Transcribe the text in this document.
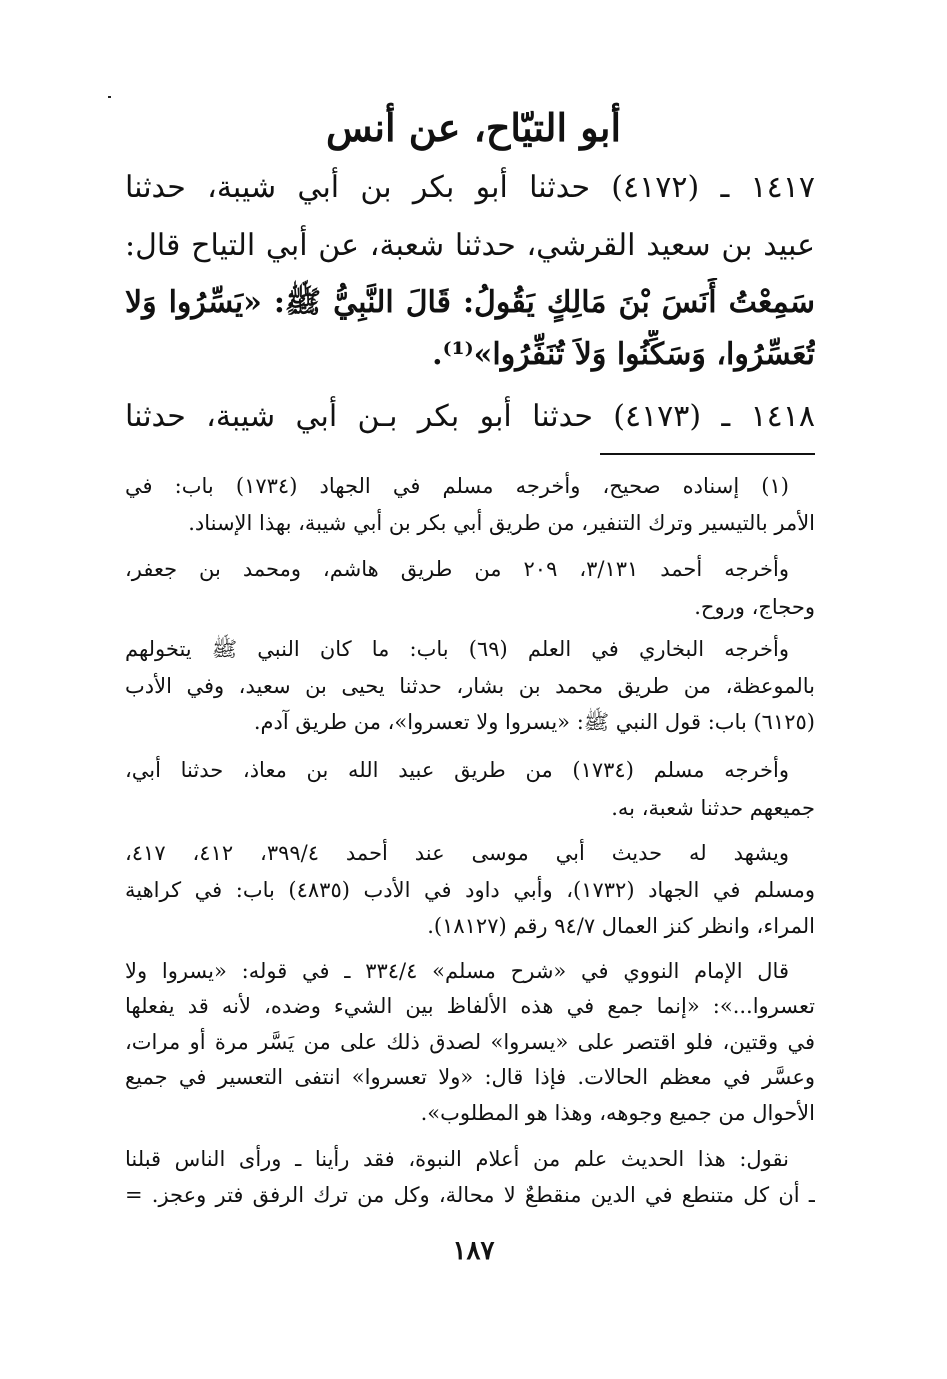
أبو التيّاح، عن أنس
١٤١٧ ـ (٤١٧٢) حدثنا أبو بكر بن أبي شيبة، حدثنا
عبيد بن سعيد القرشي، حدثنا شعبة، عن أبي التياح قال:
سَمِعْتُ أَنَسَ بْنَ مَالِكٍ يَقُولُ: قَالَ النَّبِيُّ ﷺ: «يَسِّرُوا وَلا
تُعَسِّرُوا، وَسَكِّنُوا وَلاَ تُنَفِّرُوا»⁽¹⁾.
١٤١٨ ـ (٤١٧٣) حدثنا أبو بكر بـن أبي شيبة، حدثنا
(١) إسناده صحيح، وأخرجه مسلم في الجهاد (١٧٣٤) باب: في
الأمر بالتيسير وترك التنفير، من طريق أبي بكر بن أبي شيبة، بهذا الإسناد.
وأخرجه أحمد ٣/١٣١، ٢٠٩ من طريق هاشم، ومحمد بن جعفر،
وحجاج، وروح.
وأخرجه البخاري في العلم (٦٩) باب: ما كان النبي ﷺ يتخولهم
بالموعظة، من طريق محمد بن بشار، حدثنا يحيى بن سعيد، وفي الأدب
(٦١٢٥) باب: قول النبي ﷺ: «يسروا ولا تعسروا»، من طريق آدم.
وأخرجه مسلم (١٧٣٤) من طريق عبيد الله بن معاذ، حدثنا أبي،
جميعهم حدثنا شعبة، به.
ويشهد له حديث أبي موسى عند أحمد ٣٩٩/٤، ٤١٢، ٤١٧،
ومسلم في الجهاد (١٧٣٢)، وأبي داود في الأدب (٤٨٣٥) باب: في كراهية
المراء، وانظر كنز العمال ٩٤/٧ رقم (١٨١٢٧).
قال الإمام النووي في «شرح مسلم» ٣٣٤/٤ ـ في قوله: «يسروا ولا
تعسروا...»: «إنما جمع في هذه الألفاظ بين الشيء وضده، لأنه قد يفعلها
في وقتين، فلو اقتصر على «يسروا» لصدق ذلك على من يَسَّر مرة أو مرات،
وعسَّر في معظم الحالات. فإذا قال: «ولا تعسروا» انتفى التعسير في جميع
الأحوال من جميع وجوهه، وهذا هو المطلوب».
نقول: هذا الحديث علم من أعلام النبوة، فقد رأينا ـ ورأى الناس قبلنا
ـ أن كل متنطع في الدين منقطعٌ لا محالة، وكل من ترك الرفق فتر وعجز. =
١٨٧
